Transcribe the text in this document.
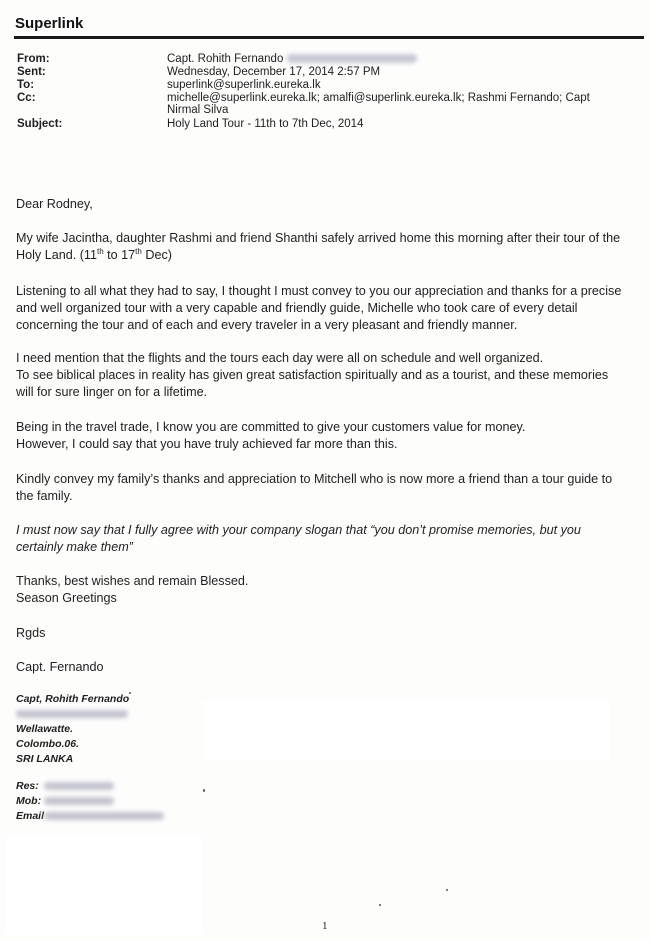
Superlink
From:	Capt. Rohith Fernando
Sent:	Wednesday, December 17, 2014 2:57 PM
To:	superlink@superlink.eureka.lk
Cc:	michelle@superlink.eureka.lk; amalfi@superlink.eureka.lk; Rashmi Fernando; Capt Nirmal Silva
Subject:	Holy Land Tour - 11th to 7th Dec, 2014
Dear Rodney,
My wife Jacintha, daughter Rashmi and friend Shanthi safely arrived home this morning after their tour of the Holy Land. (11th to 17th Dec)
Listening to all what they had to say, I thought I must convey to you our appreciation and thanks for a precise and well organized tour with a very capable and friendly guide, Michelle who took care of every detail concerning the tour and of each and every traveler in a very pleasant and friendly manner.
I need mention that the flights and the tours each day were all on schedule and well organized.
To see biblical places in reality has given great satisfaction spiritually and as a tourist, and these memories will for sure linger on for a lifetime.
Being in the travel trade, I know you are committed to give your customers value for money.
However, I could say that you have truly achieved far more than this.
Kindly convey my family’s thanks and appreciation to Mitchell who is now more a friend than a tour guide to the family.
I must now say that I fully agree with your company slogan that “you don’t promise memories, but you certainly make them”
Thanks, best wishes and remain Blessed.
Season Greetings
Rgds
Capt. Fernando
Capt, Rohith Fernando
Wellawatte.
Colombo.06.
SRI LANKA
Res:
Mob:
Email
1
